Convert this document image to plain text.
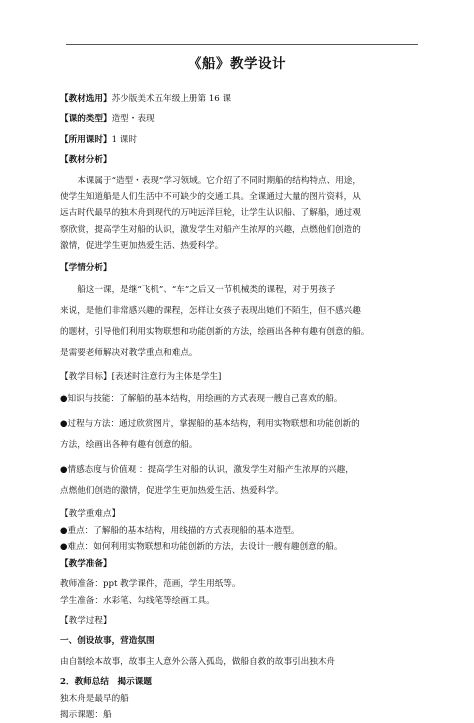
《船》教学设计
【教材选用】苏少版美术五年级上册第 16 课
【课的类型】造型・表现
【所用课时】1 课时
【教材分析】
本课属于“造型・表现”学习领域。它介绍了不同时期船的结构特点、用途，
使学生知道船是人们生活中不可缺少的交通工具。全课通过大量的图片资料，从
远古时代最早的独木舟到现代的万吨远洋巨轮，让学生认识船、了解船，通过观
察欣赏，提高学生对船的认识，激发学生对船产生浓厚的兴趣，点燃他们创造的
激情，促进学生更加热爱生活、热爱科学。
【学情分析】
船这一课，是继“飞机”、“车”之后又一节机械类的课程，对于男孩子
来说，是他们非常感兴趣的课程，怎样让女孩子表现出她们不陌生，但不感兴趣
的题材，引导他们利用实物联想和功能创新的方法，绘画出各种有趣有创意的船。
是需要老师解决对教学重点和难点。
【教学目标】[表述时注意行为主体是学生]
●知识与技能：了解船的基本结构，用绘画的方式表现一艘自己喜欢的船。
●过程与方法：通过欣赏图片，掌握船的基本结构，利用实物联想和功能创新的
方法，绘画出各种有趣有创意的船。
●情感态度与价值观 ：提高学生对船的认识，激发学生对船产生浓厚的兴趣，
点燃他们创造的激情，促进学生更加热爱生活、热爱科学。
【教学重难点】
●重点：了解船的基本结构，用线描的方式表现船的基本造型。
●难点：如何利用实物联想和功能创新的方法，去设计一艘有趣创意的船。
【教学准备】
教师准备：ppt 教学课件，范画，学生用纸等。
学生准备：水彩笔、勾线笔等绘画工具。
【教学过程】
一、创设故事，营造氛围
由自制绘本故事，故事主人意外公落入孤岛，做船自救的故事引出独木舟
2．教师总结　揭示课题
独木舟是最早的船
揭示课题：船
